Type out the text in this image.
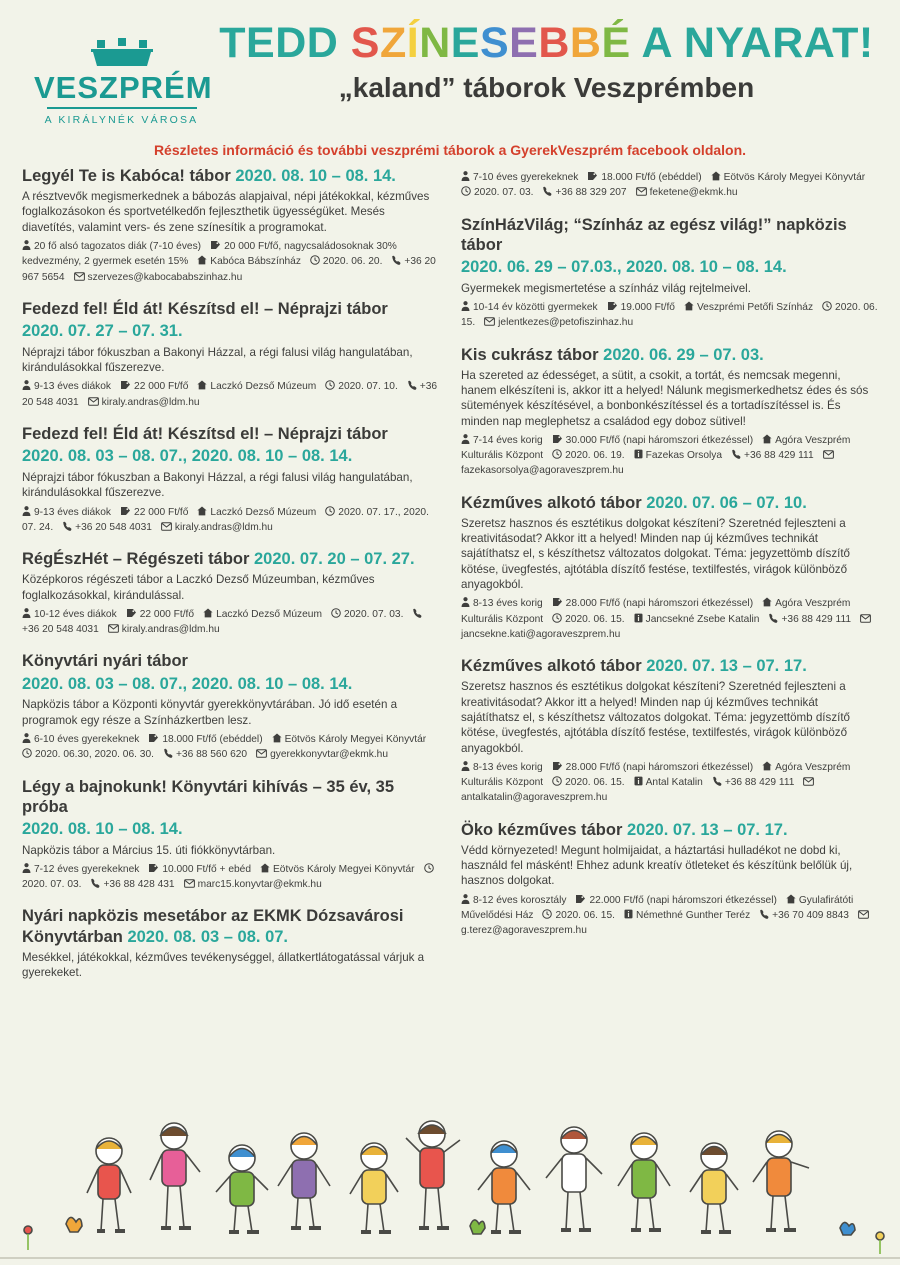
VESZPRÉM
A KIRÁLYNÉK VÁROSA
TEDD SZÍNESEBBÉ A NYARAT!
„kaland” táborok Veszprémben
Részletes információ és további veszprémi táborok a GyerekVeszprém facebook oldalon.
Legyél Te is Kabóca! tábor 2020. 08. 10 – 08. 14.
A résztvevők megismerkednek a bábozás alapjaival, népi játékokkal, kézműves foglalkozásokon és sportvetélkedőn fejleszthetik ügyességüket. Mesés diavetítés, valamint vers- és zene színesítik a programokat.
20 fő alsó tagozatos diák (7-10 éves) 20 000 Ft/fő, nagycsaládosoknak 30% kedvezmény, 2 gyermek esetén 15% Kabóca Bábszínház 2020. 06. 20. +36 20 967 5654 szervezes@kabocababszinhaz.hu
Fedezd fel! Éld át! Készítsd el! – Néprajzi tábor
2020. 07. 27 – 07. 31.
Néprajzi tábor fókuszban a Bakonyi Házzal, a régi falusi világ hangulatában, kirándulásokkal fűszerezve.
9-13 éves diákok 22 000 Ft/fő Laczkó Dezső Múzeum 2020. 07. 10. +36 20 548 4031 kiraly.andras@ldm.hu
Fedezd fel! Éld át! Készítsd el! – Néprajzi tábor
2020. 08. 03 – 08. 07., 2020. 08. 10 – 08. 14.
Néprajzi tábor fókuszban a Bakonyi Házzal, a régi falusi világ hangulatában, kirándulásokkal fűszerezve.
9-13 éves diákok 22 000 Ft/fő Laczkó Dezső Múzeum 2020. 07. 17., 2020. 07. 24. +36 20 548 4031 kiraly.andras@ldm.hu
RégÉszHét – Régészeti tábor 2020. 07. 20 – 07. 27.
Középkoros régészeti tábor a Laczkó Dezső Múzeumban, kézműves foglalkozásokkal, kirándulással.
10-12 éves diákok 22 000 Ft/fő Laczkó Dezső Múzeum 2020. 07. 03.+36 20 548 4031 kiraly.andras@ldm.hu
Könyvtári nyári tábor
2020. 08. 03 – 08. 07., 2020. 08. 10 – 08. 14.
Napközis tábor a Központi könyvtár gyerekkönyvtárában. Jó idő esetén a programok egy része a Színházkertben lesz.
6-10 éves gyerekeknek 18.000 Ft/fő (ebéddel) Eötvös Károly Megyei Könyvtár2020. 06.30, 2020. 06. 30. +36 88 560 620 gyerekkonyvtar@ekmk.hu
Légy a bajnokunk! Könyvtári kihívás – 35 év, 35 próba
2020. 08. 10 – 08. 14.
Napközis tábor a Március 15. úti fiókkönyvtárban.
7-12 éves gyerekeknek 10.000 Ft/fő + ebéd Eötvös Károly Megyei Könyvtár2020. 07. 03. +36 88 428 431 marc15.konyvtar@ekmk.hu
Nyári napközis mesetábor az EKMK Dózsavárosi Könyvtárban 2020. 08. 03 – 08. 07.
Mesékkel, játékokkal, kézműves tevékenységgel, állatkertlátogatással várjuk a gyerekeket.
7-10 éves gyerekeknek 18.000 Ft/fő (ebéddel) Eötvös Károly Megyei Könyvtár2020. 07. 03. +36 88 329 207 feketene@ekmk.hu
SzínHázVilág; “Színház az egész világ!” napközis tábor
2020. 06. 29 – 07.03., 2020. 08. 10 – 08. 14.
Gyermekek megismertetése a színház világ rejtelmeivel.
10-14 év közötti gyermekek 19.000 Ft/fő Veszprémi Petőfi Színház 2020. 06. 15. jelentkezes@petofiszinhaz.hu
Kis cukrász tábor 2020. 06. 29 – 07. 03.
Ha szereted az édességet, a sütit, a csokit, a tortát, és nemcsak megenni, hanem elkészíteni is, akkor itt a helyed! Nálunk megismerkedhetsz édes és sós sütemények készítésével, a bonbonkészítéssel és a tortadíszítéssel is. És minden nap meglephetsz a családod egy doboz sütivel!
7-14 éves korig 30.000 Ft/fő (napi háromszori étkezéssel) Agóra Veszprém Kulturális Központ 2020. 06. 19. Fazekas Orsolya +36 88 429 111fazekasorsolya@agoraveszprem.hu
Kézműves alkotó tábor 2020. 07. 06 – 07. 10.
Szeretsz hasznos és esztétikus dolgokat készíteni? Szeretnéd fejleszteni a kreativitásodat? Akkor itt a helyed! Minden nap új kézműves technikát sajátíthatsz el, s készíthetsz változatos dolgokat. Téma: jegyzettömb díszítő kötése, üvegfestés, ajtótábla díszítő festése, textilfestés, virágok különböző anyagokból.
8-13 éves korig 28.000 Ft/fő (napi háromszori étkezéssel) Agóra Veszprém Kulturális Központ 2020. 06. 15. Jancsekné Zsebe Katalin +36 88 429 111jancsekne.kati@agoraveszprem.hu
Kézműves alkotó tábor 2020. 07. 13 – 07. 17.
Szeretsz hasznos és esztétikus dolgokat készíteni? Szeretnéd fejleszteni a kreativitásodat? Akkor itt a helyed! Minden nap új kézműves technikát sajátíthatsz el, s készíthetsz változatos dolgokat. Téma: jegyzettömb díszítő kötése, üvegfestés, ajtótábla díszítő festése, textilfestés, virágok különböző anyagokból.
8-13 éves korig 28.000 Ft/fő (napi háromszori étkezéssel) Agóra Veszprém Kulturális Központ 2020. 06. 15. Antal Katalin +36 88 429 111antalkatalin@agoraveszprem.hu
Öko kézműves tábor 2020. 07. 13 – 07. 17.
Védd környezeted! Megunt holmijaidat, a háztartási hulladékot ne dobd ki, használd fel másként! Ehhez adunk kreatív ötleteket és készítünk belőlük új, hasznos dolgokat.
8-12 éves korosztály 22.000 Ft/fő (napi háromszori étkezéssel) Gyulafirátóti Művelődési Ház 2020. 06. 15. Némethné Gunther Teréz +36 70 409 8843g.terez@agoraveszprem.hu
